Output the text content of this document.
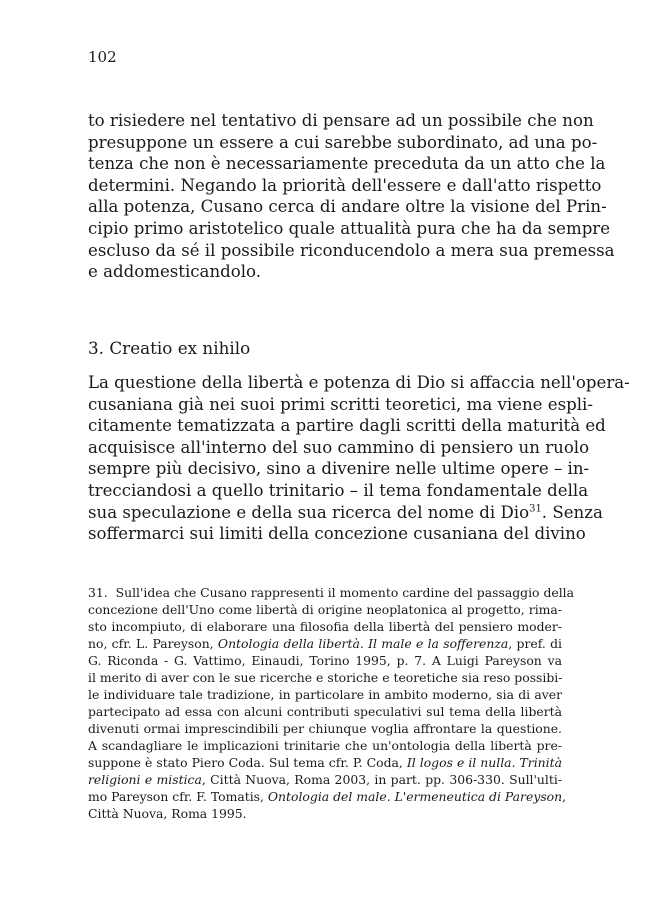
102
to risiedere nel tentativo di pensare ad un possibile che non
presuppone un essere a cui sarebbe subordinato, ad una po-
tenza che non è necessariamente preceduta da un atto che la
determini. Negando la priorità dell'essere e dall'atto rispetto
alla potenza, Cusano cerca di andare oltre la visione del Prin-
cipio primo aristotelico quale attualità pura che ha da sempre
escluso da sé il possibile riconducendolo a mera sua premessa
e addomesticandolo.
3. Creatio ex nihilo
La questione della libertà e potenza di Dio si affaccia nell'opera-
cusaniana già nei suoi primi scritti teoretici, ma viene espli-
citamente tematizzata a partire dagli scritti della maturità ed
acquisisce all'interno del suo cammino di pensiero un ruolo
sempre più decisivo, sino a divenire nelle ultime opere – in-
trecciandosi a quello trinitario – il tema fondamentale della
sua speculazione e della sua ricerca del nome di Dio$^{31}$. Senza
soffermarci sui limiti della concezione cusaniana del divino
31. Sull'idea che Cusano rappresenti il momento cardine del passaggio della
concezione dell'Uno come libertà di origine neoplatonica al progetto, rima-
sto incompiuto, di elaborare una filosofia della libertà del pensiero moder-
no, cfr. L. Pareyson, Ontologia della libertà. Il male e la sofferenza, pref. di
G. Riconda - G. Vattimo, Einaudi, Torino 1995, p. 7. A Luigi Pareyson va
il merito di aver con le sue ricerche e storiche e teoretiche sia reso possibi-
le individuare tale tradizione, in particolare in ambito moderno, sia di aver
partecipato ad essa con alcuni contributi speculativi sul tema della libertà
divenuti ormai imprescindibili per chiunque voglia affrontare la questione.
A scandagliare le implicazioni trinitarie che un'ontologia della libertà pre-
suppone è stato Piero Coda. Sul tema cfr. P. Coda, Il logos e il nulla. Trinità
religioni e mistica, Città Nuova, Roma 2003, in part. pp. 306-330. Sull'ulti-
mo Pareyson cfr. F. Tomatis, Ontologia del male. L'ermeneutica di Pareyson,
Città Nuova, Roma 1995.
